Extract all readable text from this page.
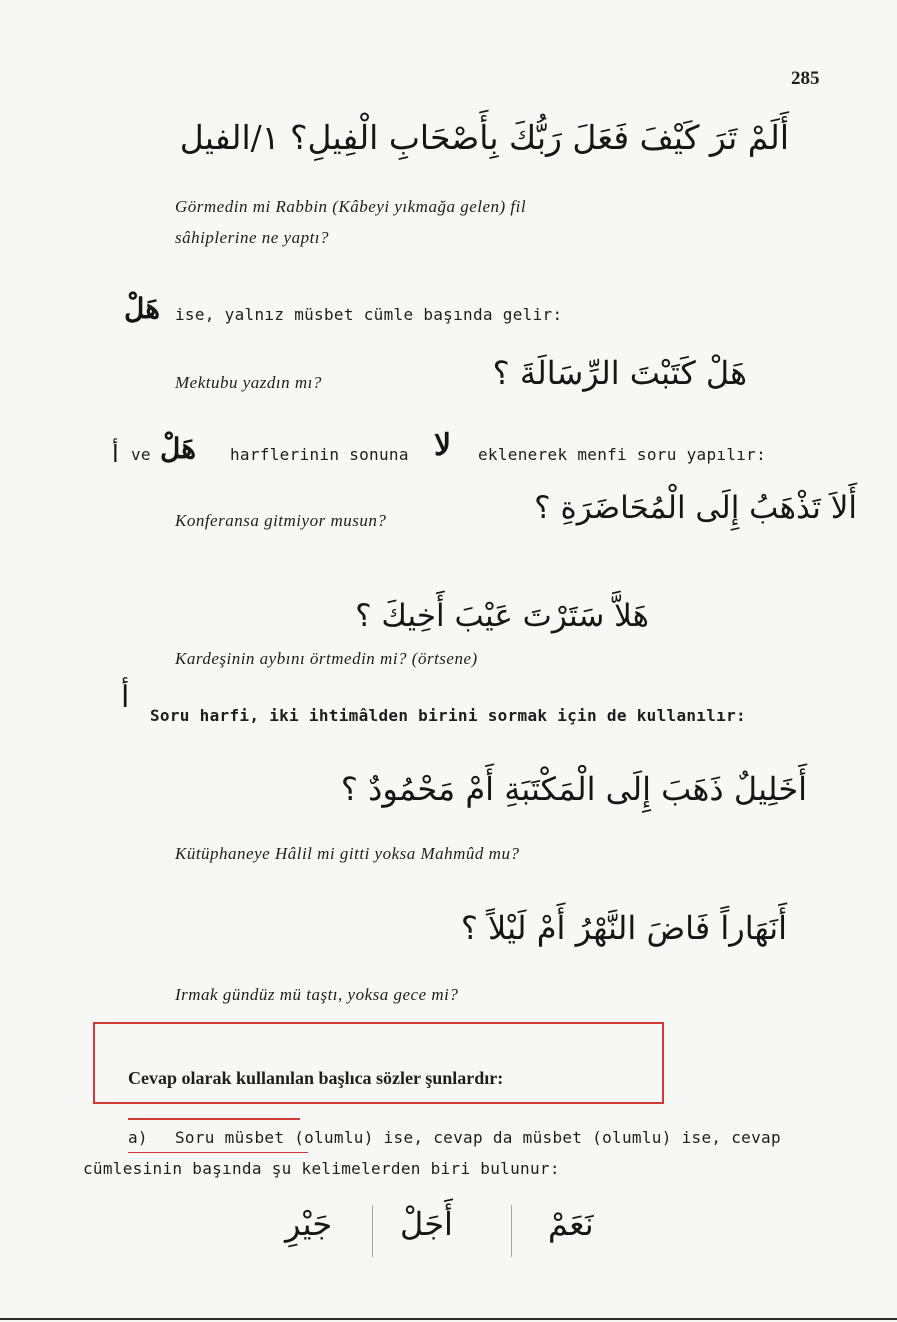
285
أَلَمْ تَرَ كَيْفَ فَعَلَ رَبُّكَ بِأَصْحَابِ الْفِيلِ؟ ١/الفيل
Görmedin mi Rabbin (Kâbeyi yıkmağa gelen) fil
sâhiplerine ne yaptı?
هَلْ ise, yalnız müsbet cümle başında gelir:
Mektubu yazdın mı?	هَلْ كَتَبْتَ الرِّسَالَةَ ؟
أ ve هَلْ harflerinin sonuna لا eklenerek menfi soru yapılır:
Konferansa gitmiyor musun?	أَلاَ تَذْهَبُ إِلَى الْمُحَاضَرَةِ ؟
هَلاَّ سَتَرْتَ عَيْبَ أَخِيكَ ؟
Kardeşinin aybını örtmedin mi? (örtsene)
أ
Soru harfi, iki ihtimâlden birini sormak için de kullanılır:
أَخَلِيلٌ ذَهَبَ إِلَى الْمَكْتَبَةِ أَمْ مَحْمُودٌ ؟
Kütüphaneye Hâlil mi gitti yoksa Mahmûd mu?
أَنَهَاراً فَاضَ النَّهْرُ أَمْ لَيْلاً ؟
Irmak gündüz mü taştı, yoksa gece mi?
Cevap olarak kullanılan başlıca sözler şunlardır:
a) Soru müsbet (olumlu) ise, cevap da müsbet (olumlu) ise, cevap
cümlesinin başında şu kelimelerden biri bulunur:
نَعَمْ
أَجَلْ
جَيْرِ
